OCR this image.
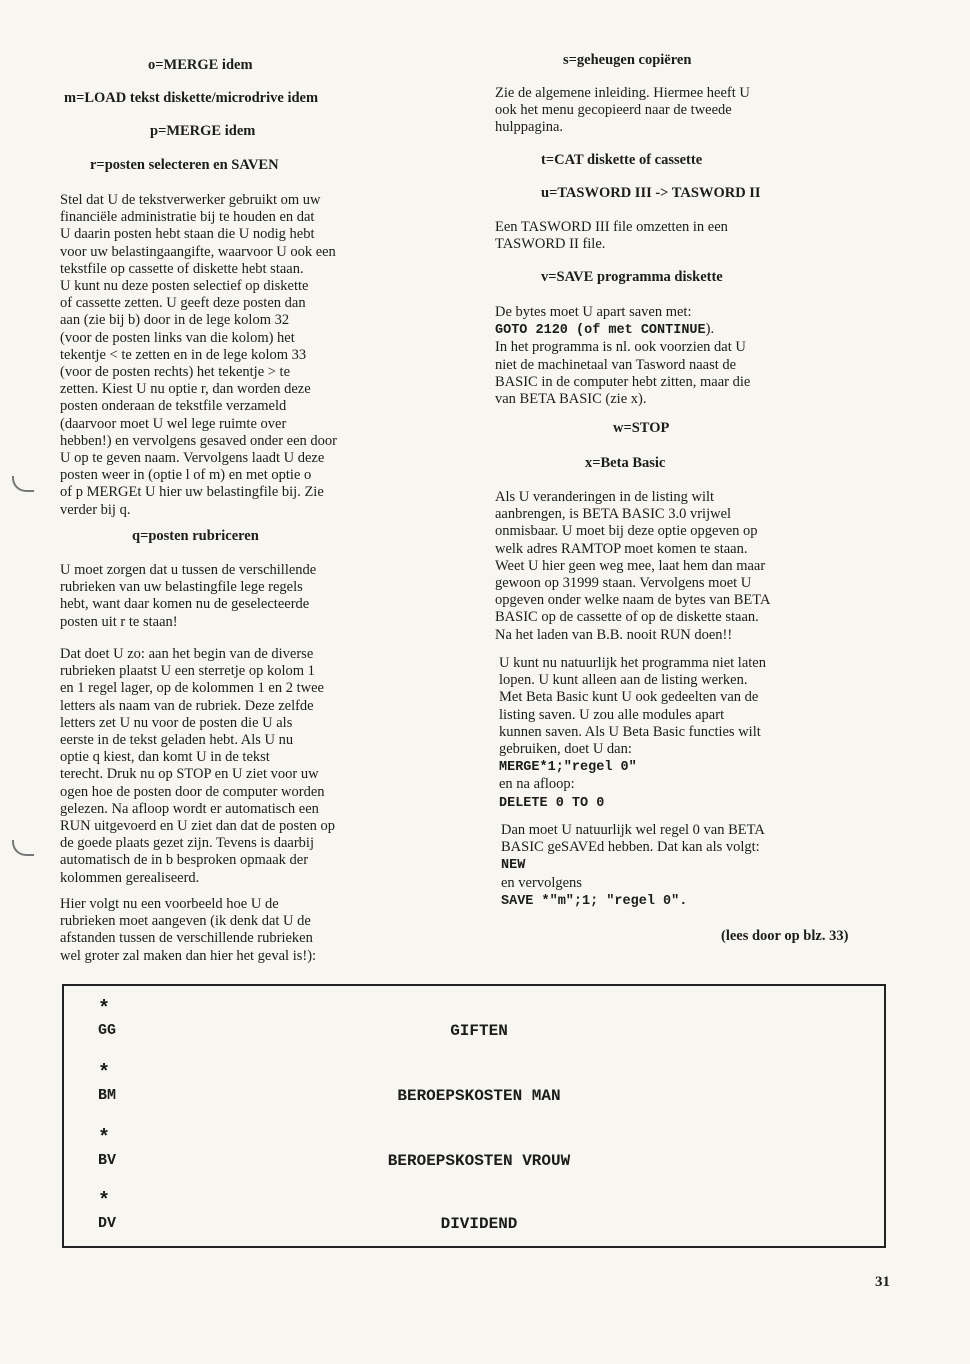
o=MERGE idem
m=LOAD tekst diskette/microdrive idem
p=MERGE idem
r=posten selecteren en SAVEN
Stel dat U de tekstverwerker gebruikt om uw
financiële administratie bij te houden en dat
U daarin posten hebt staan die U nodig hebt
voor uw belastingaangifte, waarvoor U ook een
tekstfile op cassette of diskette hebt staan.
U kunt nu deze posten selectief op diskette
of cassette zetten. U geeft deze posten dan
aan (zie bij b) door in de lege kolom 32
(voor de posten links van die kolom) het
tekentje < te zetten en in de lege kolom 33
(voor de posten rechts) het tekentje > te
zetten. Kiest U nu optie r, dan worden deze
posten onderaan de tekstfile verzameld
(daarvoor moet U wel lege ruimte over
hebben!) en vervolgens gesaved onder een door
U op te geven naam. Vervolgens laadt U deze
posten weer in (optie l of m) en met optie o
of p MERGEt U hier uw belastingfile bij. Zie
verder bij q.
q=posten rubriceren
U moet zorgen dat u tussen de verschillende
rubrieken van uw belastingfile lege regels
hebt, want daar komen nu de geselecteerde
posten uit r te staan!
Dat doet U zo: aan het begin van de diverse
rubrieken plaatst U een sterretje op kolom 1
en 1 regel lager, op de kolommen 1 en 2 twee
letters als naam van de rubriek. Deze zelfde
letters zet U nu voor de posten die U als
eerste in de tekst geladen hebt. Als U nu
optie q kiest, dan komt U in de tekst
terecht. Druk nu op STOP en U ziet voor uw
ogen hoe de posten door de computer worden
gelezen. Na afloop wordt er automatisch een
RUN uitgevoerd en U ziet dan dat de posten op
de goede plaats gezet zijn. Tevens is daarbij
automatisch de in b besproken opmaak der
kolommen gerealiseerd.
Hier volgt nu een voorbeeld hoe U de
rubrieken moet aangeven (ik denk dat U de
afstanden tussen de verschillende rubrieken
wel groter zal maken dan hier het geval is!):
s=geheugen copiëren
Zie de algemene inleiding. Hiermee heeft U
ook het menu gecopieerd naar de tweede
hulppagina.
t=CAT diskette of cassette
u=TASWORD III -> TASWORD II
Een TASWORD III file omzetten in een
TASWORD II file.
v=SAVE programma diskette
De bytes moet U apart saven met:
GOTO 2120 (of met CONTINUE).
In het programma is nl. ook voorzien dat U
niet de machinetaal van Tasword naast de
BASIC in de computer hebt zitten, maar die
van BETA BASIC (zie x).
w=STOP
x=Beta Basic
Als U veranderingen in de listing wilt
aanbrengen, is BETA BASIC 3.0 vrijwel
onmisbaar. U moet bij deze optie opgeven op
welk adres RAMTOP moet komen te staan.
Weet U hier geen weg mee, laat hem dan maar
gewoon op 31999 staan. Vervolgens moet U
opgeven onder welke naam de bytes van BETA
BASIC op de cassette of op de diskette staan.
Na het laden van B.B. nooit RUN doen!!
U kunt nu natuurlijk het programma niet laten
lopen. U kunt alleen aan de listing werken.
Met Beta Basic kunt U ook gedeelten van de
listing saven. U zou alle modules apart
kunnen saven. Als U Beta Basic functies wilt
gebruiken, doet U dan:
MERGE*1;"regel 0"
en na afloop:
DELETE 0 TO 0
Dan moet U natuurlijk wel regel 0 van BETA
BASIC geSAVEd hebben. Dat kan als volgt:
NEW
en vervolgens
SAVE *"m";1; "regel 0".
(lees door op blz. 33)
*
GG	GIFTEN
*
BM	BEROEPSKOSTEN MAN
*
BV	BEROEPSKOSTEN VROUW
*
DV	DIVIDEND
31
